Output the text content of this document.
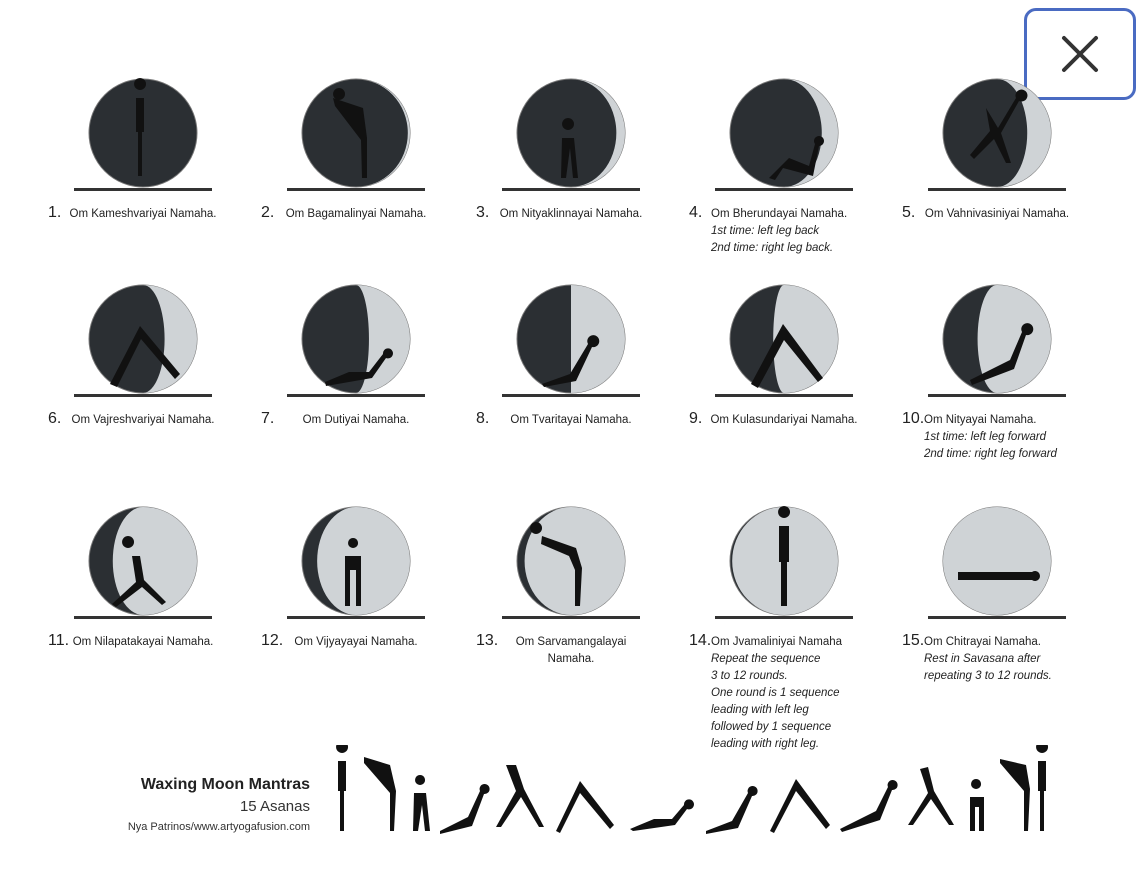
1. Om Kameshvariyai Namaha.	2. Om Bagamalinyai Namaha.	3. Om Nityaklinnayai Namaha.	4. Om Bherundayai Namaha.
1st time: left leg back
2nd time: right leg back.
5. Om Vahnivasiniyai Namaha.
6. Om Vajreshvariyai Namaha.	7.	Om Dutiyai Namaha.	8.	Om Tvaritayai Namaha.	9. Om Kulasundariyai Namaha.	10. Om Nityayai Namaha.
1st time: left leg forward
2nd time: right leg forward
11. Om Nilapatakayai Namaha.	12. Om Vijyayayai Namaha.	13.	Om Sarvamangalayai Namaha.
14. Om Jvamaliniyai Namaha
Repeat the sequence
3 to 12 rounds.
One round is 1 sequence
leading with left leg
followed by 1 sequence
leading with right leg.
15. Om Chitrayai Namaha.
Rest in Savasana after
repeating 3 to 12 rounds.
Waxing Moon Mantras
15 Asanas
Nya Patrinos/www.artyogafusion.com
